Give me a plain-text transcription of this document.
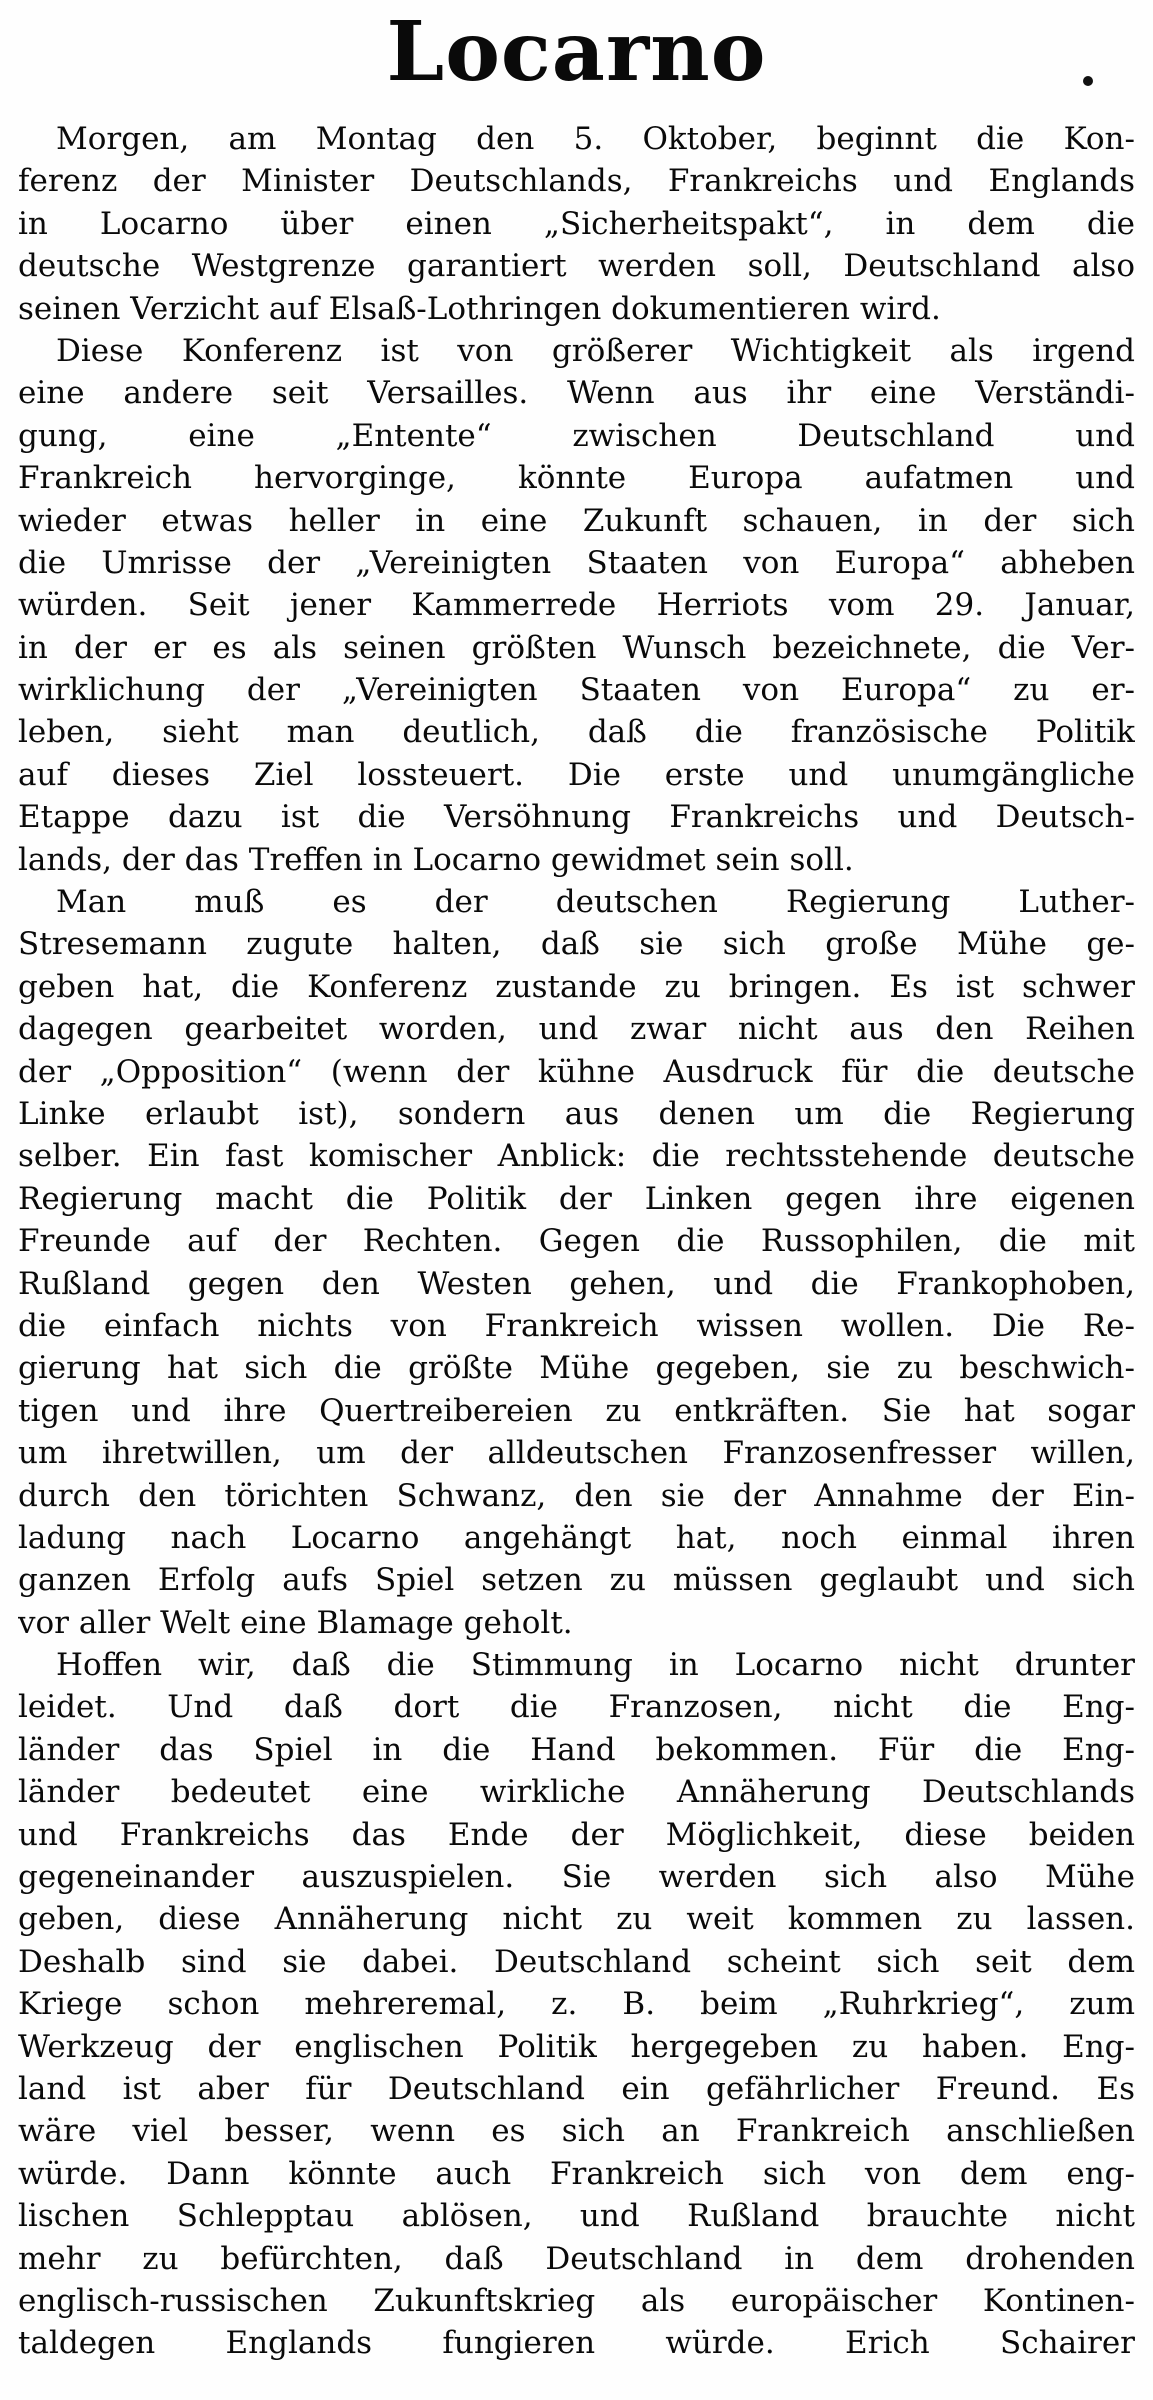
Locarno
Morgen, am Montag den 5. Oktober, beginnt die Kon-
ferenz der Minister Deutschlands, Frankreichs und Englands
in Locarno über einen „Sicherheitspakt“, in dem die
deutsche Westgrenze garantiert werden soll, Deutschland also
seinen Verzicht auf Elsaß-Lothringen dokumentieren wird.
Diese Konferenz ist von größerer Wichtigkeit als irgend
eine andere seit Versailles. Wenn aus ihr eine Verständi-
gung, eine „Entente“ zwischen Deutschland und
Frankreich hervorginge, könnte Europa aufatmen und
wieder etwas heller in eine Zukunft schauen, in der sich
die Umrisse der „Vereinigten Staaten von Europa“ abheben
würden. Seit jener Kammerrede Herriots vom 29. Januar,
in der er es als seinen größten Wunsch bezeichnete, die Ver-
wirklichung der „Vereinigten Staaten von Europa“ zu er-
leben, sieht man deutlich, daß die französische Politik
auf dieses Ziel lossteuert. Die erste und unumgängliche
Etappe dazu ist die Versöhnung Frankreichs und Deutsch-
lands, der das Treffen in Locarno gewidmet sein soll.
Man muß es der deutschen Regierung Luther-
Stresemann zugute halten, daß sie sich große Mühe ge-
geben hat, die Konferenz zustande zu bringen. Es ist schwer
dagegen gearbeitet worden, und zwar nicht aus den Reihen
der „Opposition“ (wenn der kühne Ausdruck für die deutsche
Linke erlaubt ist), sondern aus denen um die Regierung
selber. Ein fast komischer Anblick: die rechtsstehende deutsche
Regierung macht die Politik der Linken gegen ihre eigenen
Freunde auf der Rechten. Gegen die Russophilen, die mit
Rußland gegen den Westen gehen, und die Frankophoben,
die einfach nichts von Frankreich wissen wollen. Die Re-
gierung hat sich die größte Mühe gegeben, sie zu beschwich-
tigen und ihre Quertreibereien zu entkräften. Sie hat sogar
um ihretwillen, um der alldeutschen Franzosenfresser willen,
durch den törichten Schwanz, den sie der Annahme der Ein-
ladung nach Locarno angehängt hat, noch einmal ihren
ganzen Erfolg aufs Spiel setzen zu müssen geglaubt und sich
vor aller Welt eine Blamage geholt.
Hoffen wir, daß die Stimmung in Locarno nicht drunter
leidet. Und daß dort die Franzosen, nicht die Eng-
länder das Spiel in die Hand bekommen. Für die Eng-
länder bedeutet eine wirkliche Annäherung Deutschlands
und Frankreichs das Ende der Möglichkeit, diese beiden
gegeneinander auszuspielen. Sie werden sich also Mühe
geben, diese Annäherung nicht zu weit kommen zu lassen.
Deshalb sind sie dabei. Deutschland scheint sich seit dem
Kriege schon mehreremal, z. B. beim „Ruhrkrieg“, zum
Werkzeug der englischen Politik hergegeben zu haben. Eng-
land ist aber für Deutschland ein gefährlicher Freund. Es
wäre viel besser, wenn es sich an Frankreich anschließen
würde. Dann könnte auch Frankreich sich von dem eng-
lischen Schlepptau ablösen, und Rußland brauchte nicht
mehr zu befürchten, daß Deutschland in dem drohenden
englisch-russischen Zukunftskrieg als europäischer Kontinen-
taldegen Englands fungieren würde. Erich Schairer
